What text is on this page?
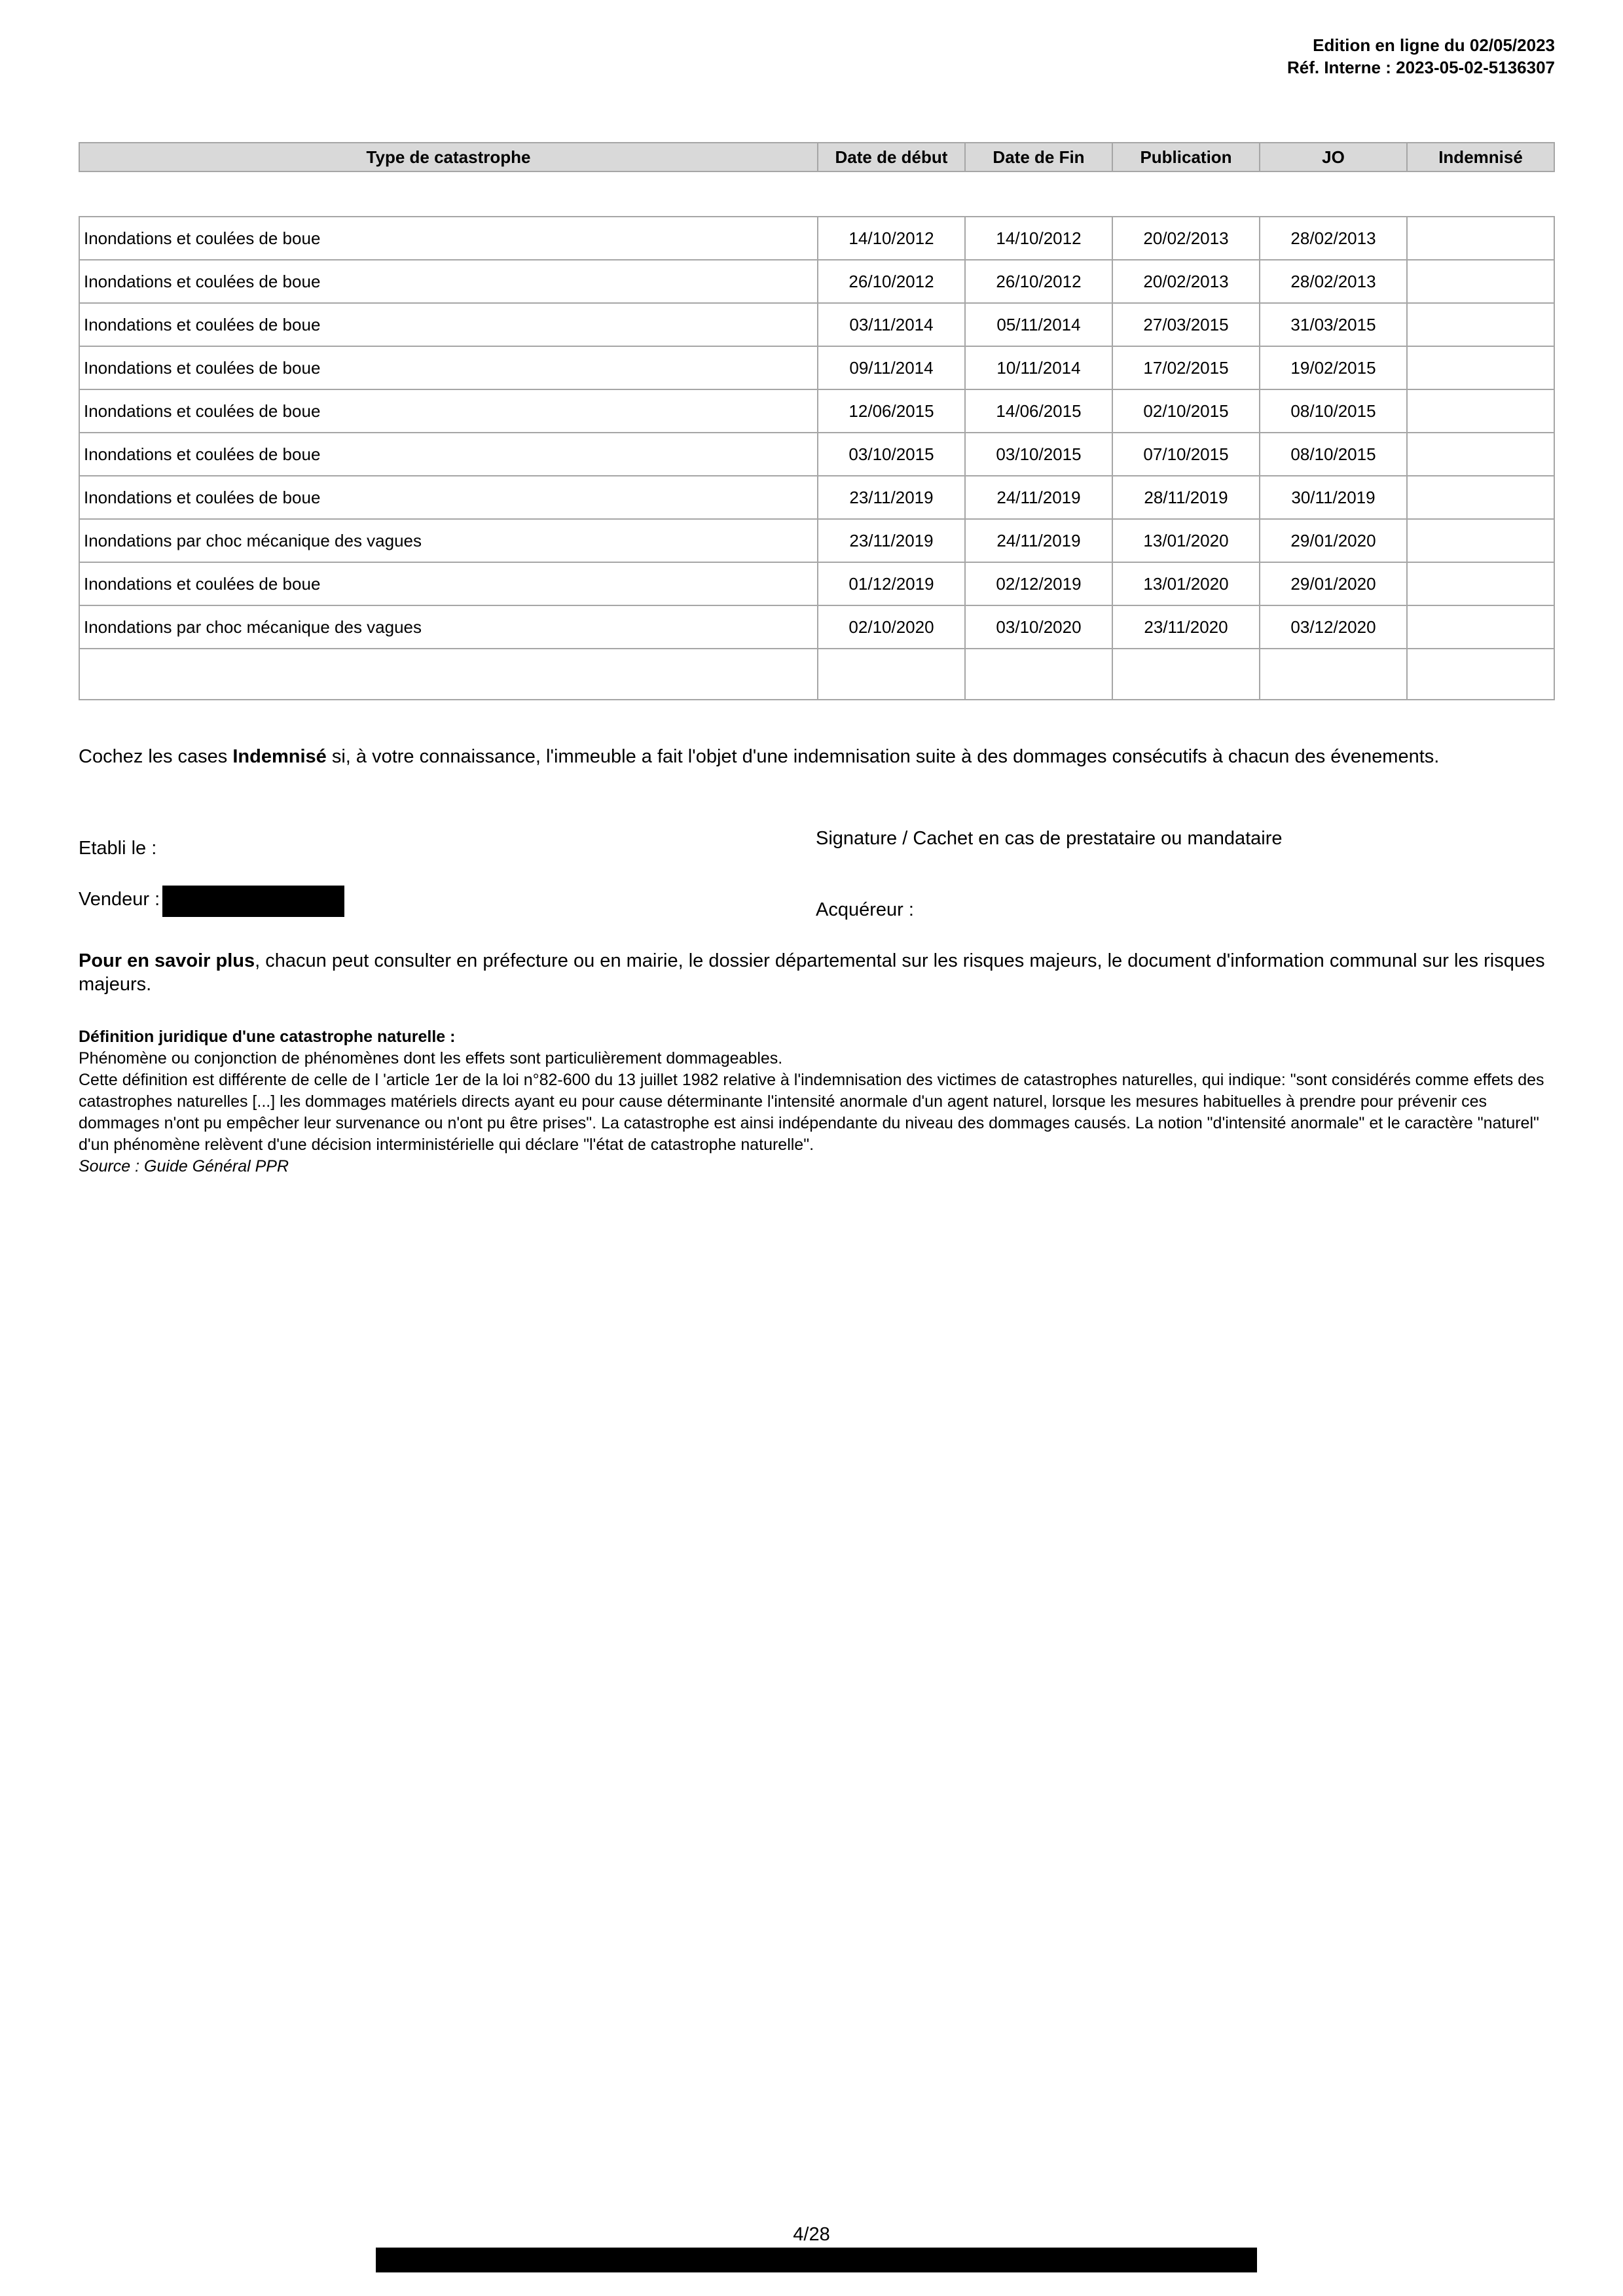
Edition en ligne du 02/05/2023
Réf. Interne : 2023-05-02-5136307
Type de catastrophe	Date de début	Date de Fin	Publication	JO	Indemnisé
Inondations et coulées de boue	14/10/2012	14/10/2012	20/02/2013	28/02/2013	
Inondations et coulées de boue	26/10/2012	26/10/2012	20/02/2013	28/02/2013	
Inondations et coulées de boue	03/11/2014	05/11/2014	27/03/2015	31/03/2015	
Inondations et coulées de boue	09/11/2014	10/11/2014	17/02/2015	19/02/2015	
Inondations et coulées de boue	12/06/2015	14/06/2015	02/10/2015	08/10/2015	
Inondations et coulées de boue	03/10/2015	03/10/2015	07/10/2015	08/10/2015	
Inondations et coulées de boue	23/11/2019	24/11/2019	28/11/2019	30/11/2019	
Inondations par choc mécanique des vagues	23/11/2019	24/11/2019	13/01/2020	29/01/2020	
Inondations et coulées de boue	01/12/2019	02/12/2019	13/01/2020	29/01/2020	
Inondations par choc mécanique des vagues	02/10/2020	03/10/2020	23/11/2020	03/12/2020	

Cochez les cases Indemnisé si, à votre connaissance, l'immeuble a fait l'objet d'une indemnisation suite à des dommages consécutifs à chacun des évenements.
Etabli le :	Signature / Cachet en cas de prestataire ou mandataire
Vendeur :	Acquéreur :
Pour en savoir plus, chacun peut consulter en préfecture ou en mairie, le dossier départemental sur les risques majeurs, le document d'information communal sur les risques majeurs.
Définition juridique d'une catastrophe naturelle :
Phénomène ou conjonction de phénomènes dont les effets sont particulièrement dommageables.
Cette définition est différente de celle de l 'article 1er de la loi n°82-600 du 13 juillet 1982 relative à l'indemnisation des victimes de catastrophes naturelles, qui indique: "sont considérés comme effets des catastrophes naturelles [...] les dommages matériels directs ayant eu pour cause déterminante l'intensité anormale d'un agent naturel, lorsque les mesures habituelles à prendre pour prévenir ces dommages n'ont pu empêcher leur survenance ou n'ont pu être prises". La catastrophe est ainsi indépendante du niveau des dommages causés. La notion "d'intensité anormale" et le caractère "naturel" d'un phénomène relèvent d'une décision interministérielle qui déclare "l'état de catastrophe naturelle".
Source : Guide Général PPR
4/28
